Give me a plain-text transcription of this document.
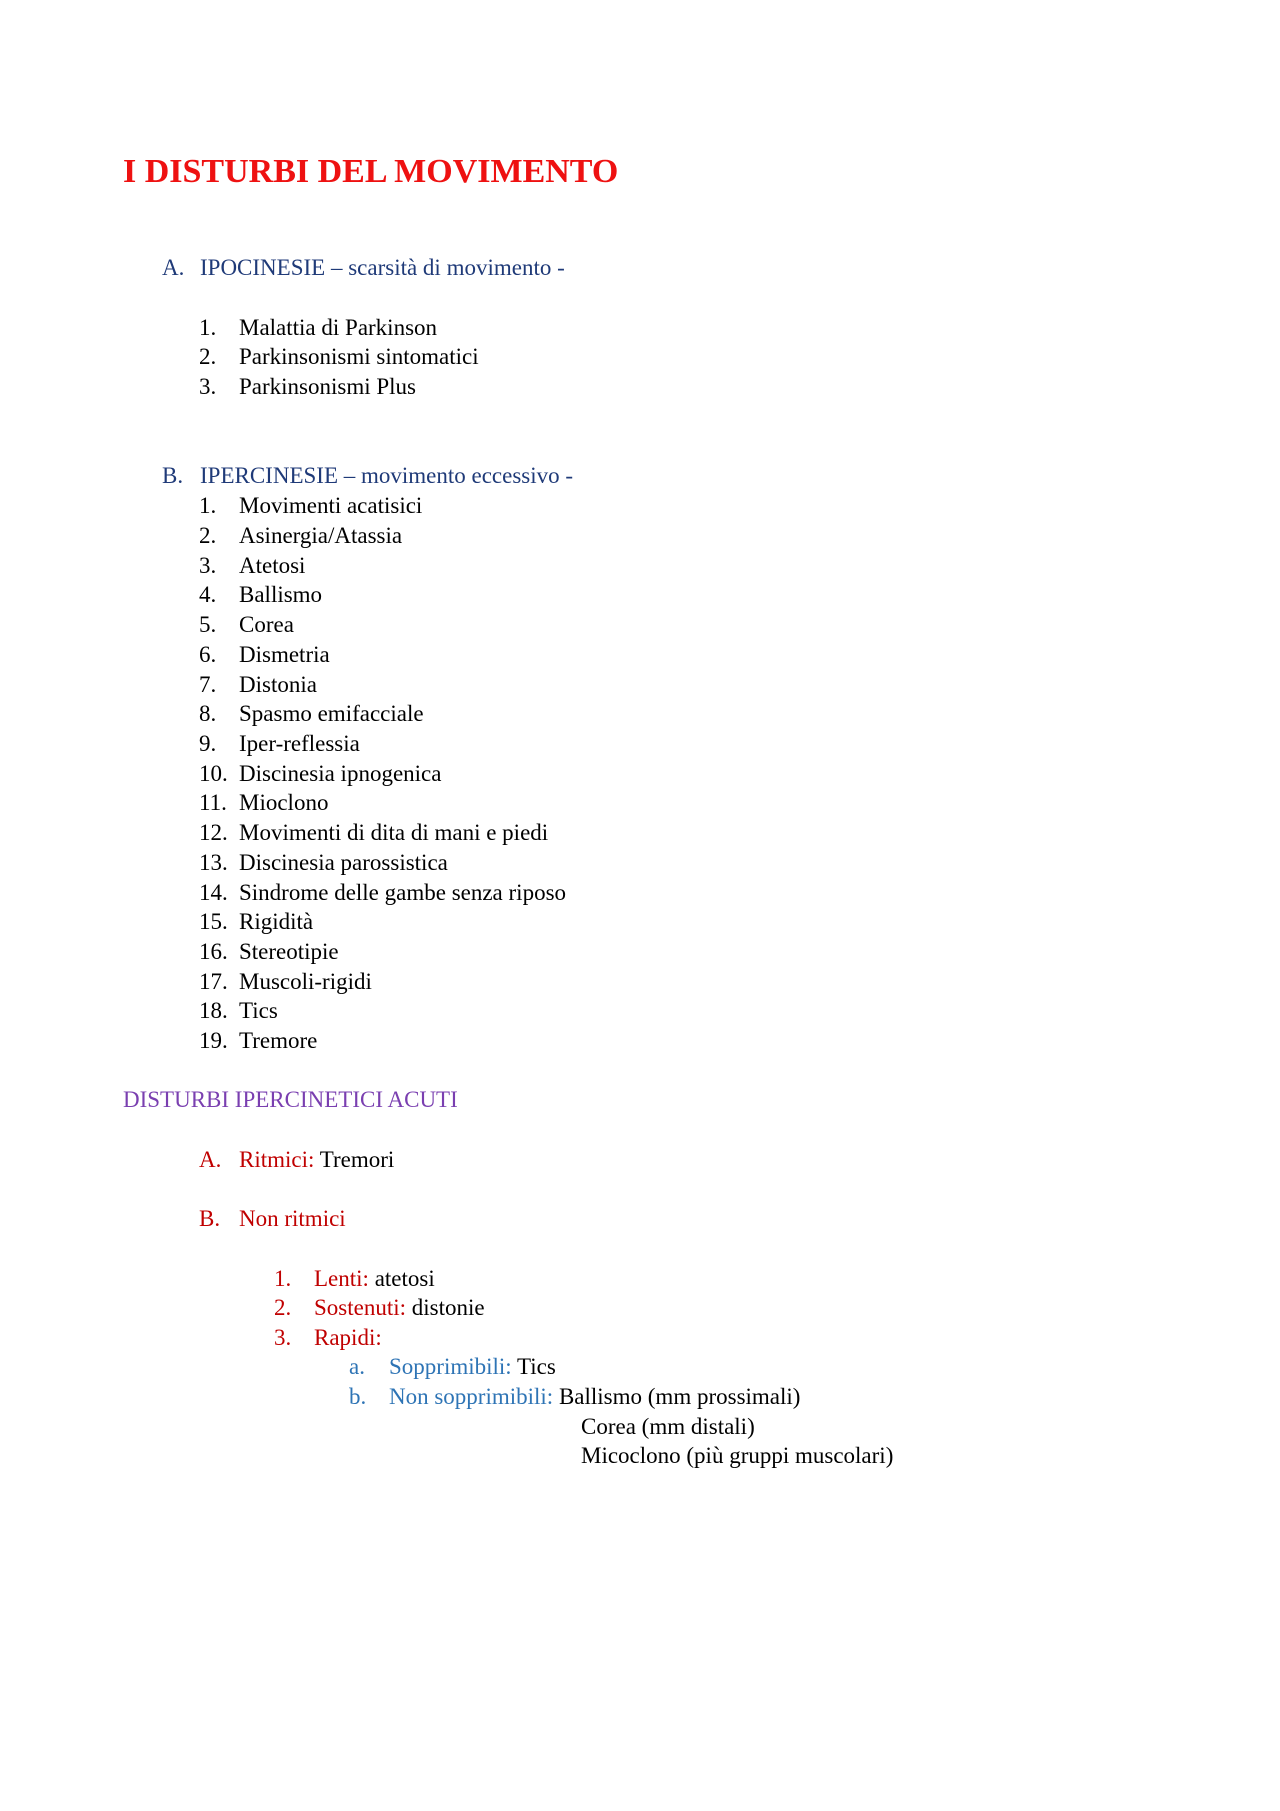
I DISTURBI DEL MOVIMENTO
A. IPOCINESIE – scarsità di movimento -
1. Malattia di Parkinson
2. Parkinsonismi sintomatici
3. Parkinsonismi Plus
B. IPERCINESIE – movimento eccessivo -
1. Movimenti acatisici
2. Asinergia/Atassia
3. Atetosi
4. Ballismo
5. Corea
6. Dismetria
7. Distonia
8. Spasmo emifacciale
9. Iper-reflessia
10. Discinesia ipnogenica
11. Mioclono
12. Movimenti di dita di mani e piedi
13. Discinesia parossistica
14. Sindrome delle gambe senza riposo
15. Rigidità
16. Stereotipie
17. Muscoli-rigidi
18. Tics
19. Tremore
DISTURBI IPERCINETICI ACUTI
A. Ritmici: Tremori
B. Non ritmici
1. Lenti: atetosi
2. Sostenuti: distonie
3. Rapidi:
a. Sopprimibili: Tics
b. Non sopprimibili: Ballismo (mm prossimali)
Corea (mm distali)
Micoclono (più gruppi muscolari)
